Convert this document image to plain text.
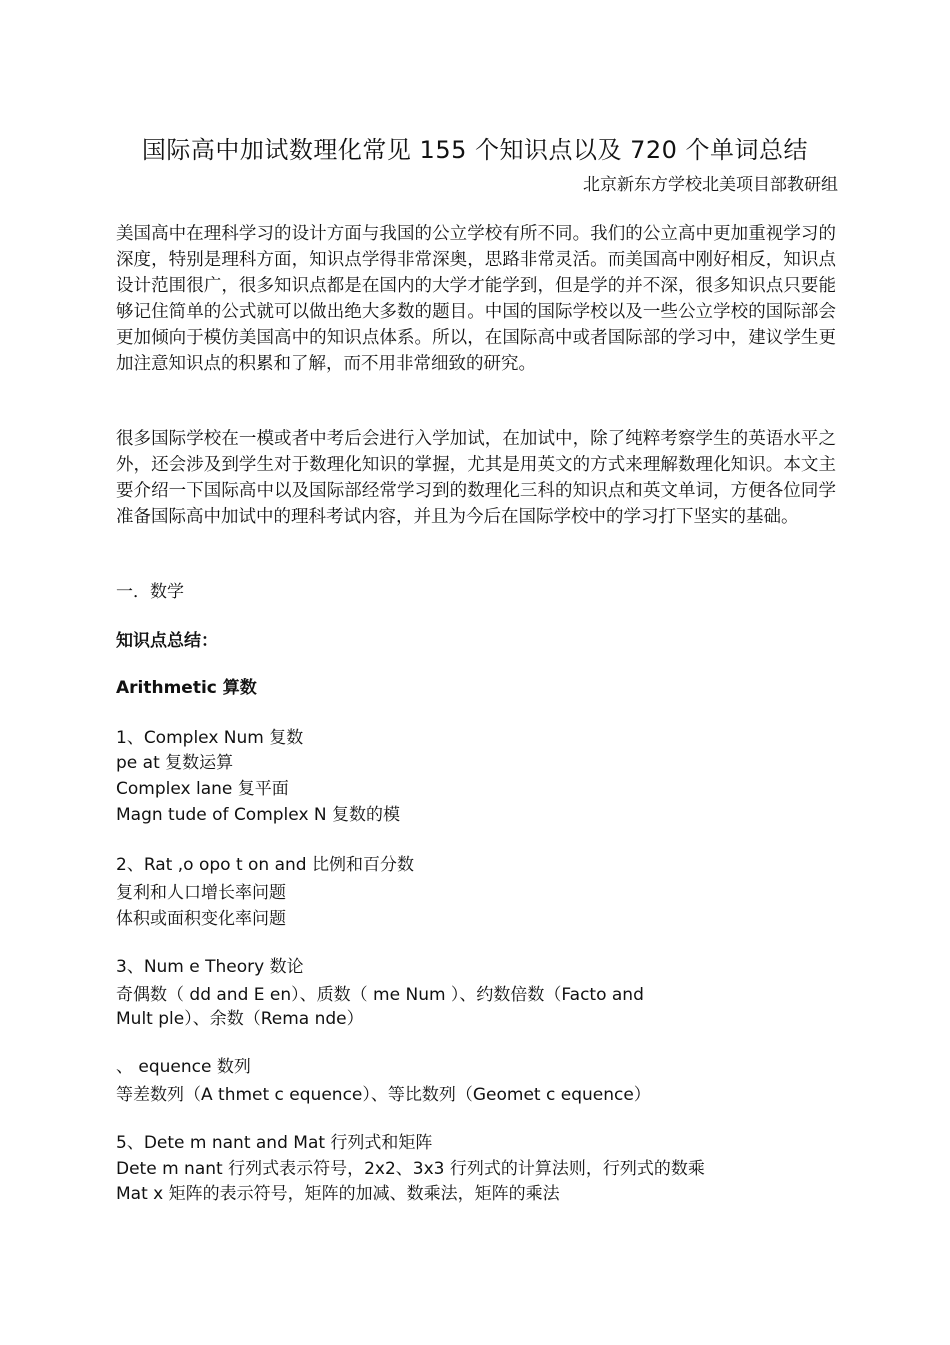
国际高中加试数理化常见 155 个知识点以及 720 个单词总结
北京新东方学校北美项目部教研组

美国高中在理科学习的设计方面与我国的公立学校有所不同。我们的公立高中更加重视学习的深度，特别是理科方面，知识点学得非常深奥，思路非常灵活。而美国高中刚好相反，知识点设计范围很广，很多知识点都是在国内的大学才能学到，但是学的并不深，很多知识点只要能够记住简单的公式就可以做出绝大多数的题目。中国的国际学校以及一些公立学校的国际部会更加倾向于模仿美国高中的知识点体系。所以，在国际高中或者国际部的学习中，建议学生更加注意知识点的积累和了解，而不用非常细致的研究。

很多国际学校在一模或者中考后会进行入学加试，在加试中，除了纯粹考察学生的英语水平之外，还会涉及到学生对于数理化知识的掌握，尤其是用英文的方式来理解数理化知识。本文主要介绍一下国际高中以及国际部经常学习到的数理化三科的知识点和英文单词，方便各位同学准备国际高中加试中的理科考试内容，并且为今后在国际学校中的学习打下坚实的基础。

一．数学
知识点总结：
Arithmetic 算数
1、Complex Num 复数
pe at 复数运算
Complex lane 复平面
Magn tude of Complex N 复数的模
2、Rat ,o opo t on and 比例和百分数
复利和人口增长率问题
体积或面积变化率问题
3、Num e Theory 数论
奇偶数（ dd and E en）、质数（ me Num ）、约数倍数（Facto and
Mult ple）、余数（Rema nde）
、 equence 数列
等差数列（A thmet c equence）、等比数列（Geomet c equence）
5、Dete m nant and Mat 行列式和矩阵
Dete m nant 行列式表示符号，2x2、3x3 行列式的计算法则，行列式的数乘
Mat x 矩阵的表示符号，矩阵的加减、数乘法，矩阵的乘法
